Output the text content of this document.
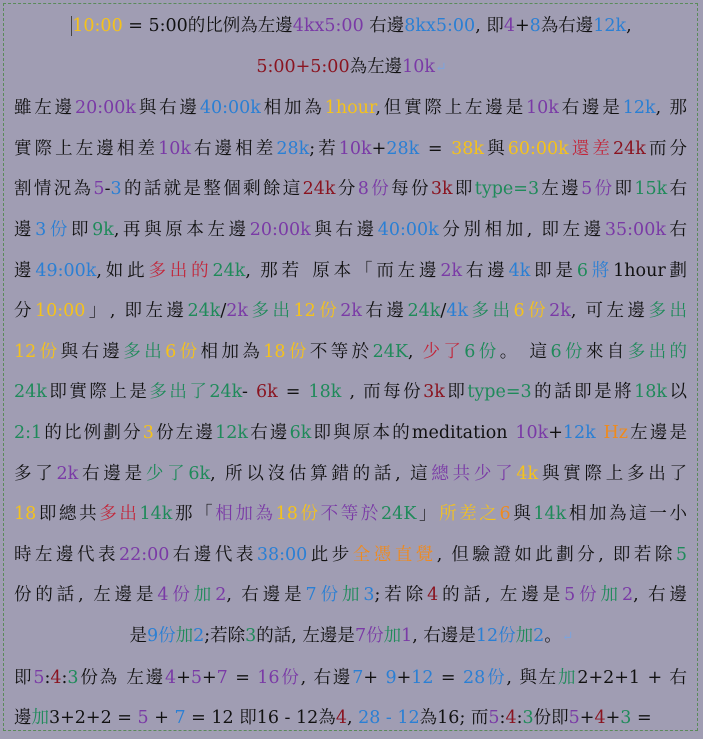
10:00 = 5:00的比例為左邊4kx5:00 右邊8kx5:00, 即4+8為右邊12k,
5:00+5:00為左邊10k↵
雖左邊20:00k與右邊40:00k相加為1hour,但實際上左邊是10k右邊是12k, 那
實際上左邊相差10k右邊相差28k;若10k+28k = 38k與60:00k還差24k而分
割情況為5-3的話就是整個剩餘這24k分8份每份3k即type=3左邊5份即15k右
邊3份即9k,再與原本左邊20:00k與右邊40:00k分別相加, 即左邊35:00k右
邊49:00k,如此多出的24k, 那若 原本「而左邊2k右邊4k即是6將1hour劃
分10:00」, 即左邊24k/2k多出12份2k右邊24k/4k多出6份2k, 可左邊多出
12份與右邊多出6份相加為18份不等於24K, 少了6份。 這6份來自多出的
24k即實際上是多出了24k- 6k = 18k , 而每份3k即type=3的話即是將18k以
2:1的比例劃分3份左邊12k右邊6k即與原本的meditation 10k+12k Hz左邊是
多了2k右邊是少了6k, 所以沒估算錯的話, 這總共少了4k與實際上多出了
18即總共多出14k那「相加為18份不等於24K」所差之6與14k相加為這一小
時左邊代表22:00右邊代表38:00此步全憑直覺, 但驗證如此劃分, 即若除5
份的話, 左邊是4份加2, 右邊是7份加3;若除4的話, 左邊是5份加2, 右邊
是9份加2;若除3的話, 左邊是7份加1, 右邊是12份加2。↵
即5:4:3份為 左邊4+5+7 = 16份, 右邊7+ 9+12 = 28份, 與左加2+2+1 + 右
邊加3+2+2 = 5 + 7 = 12 即16 - 12為4, 28 - 12為16; 而5:4:3份即5+4+3 =
